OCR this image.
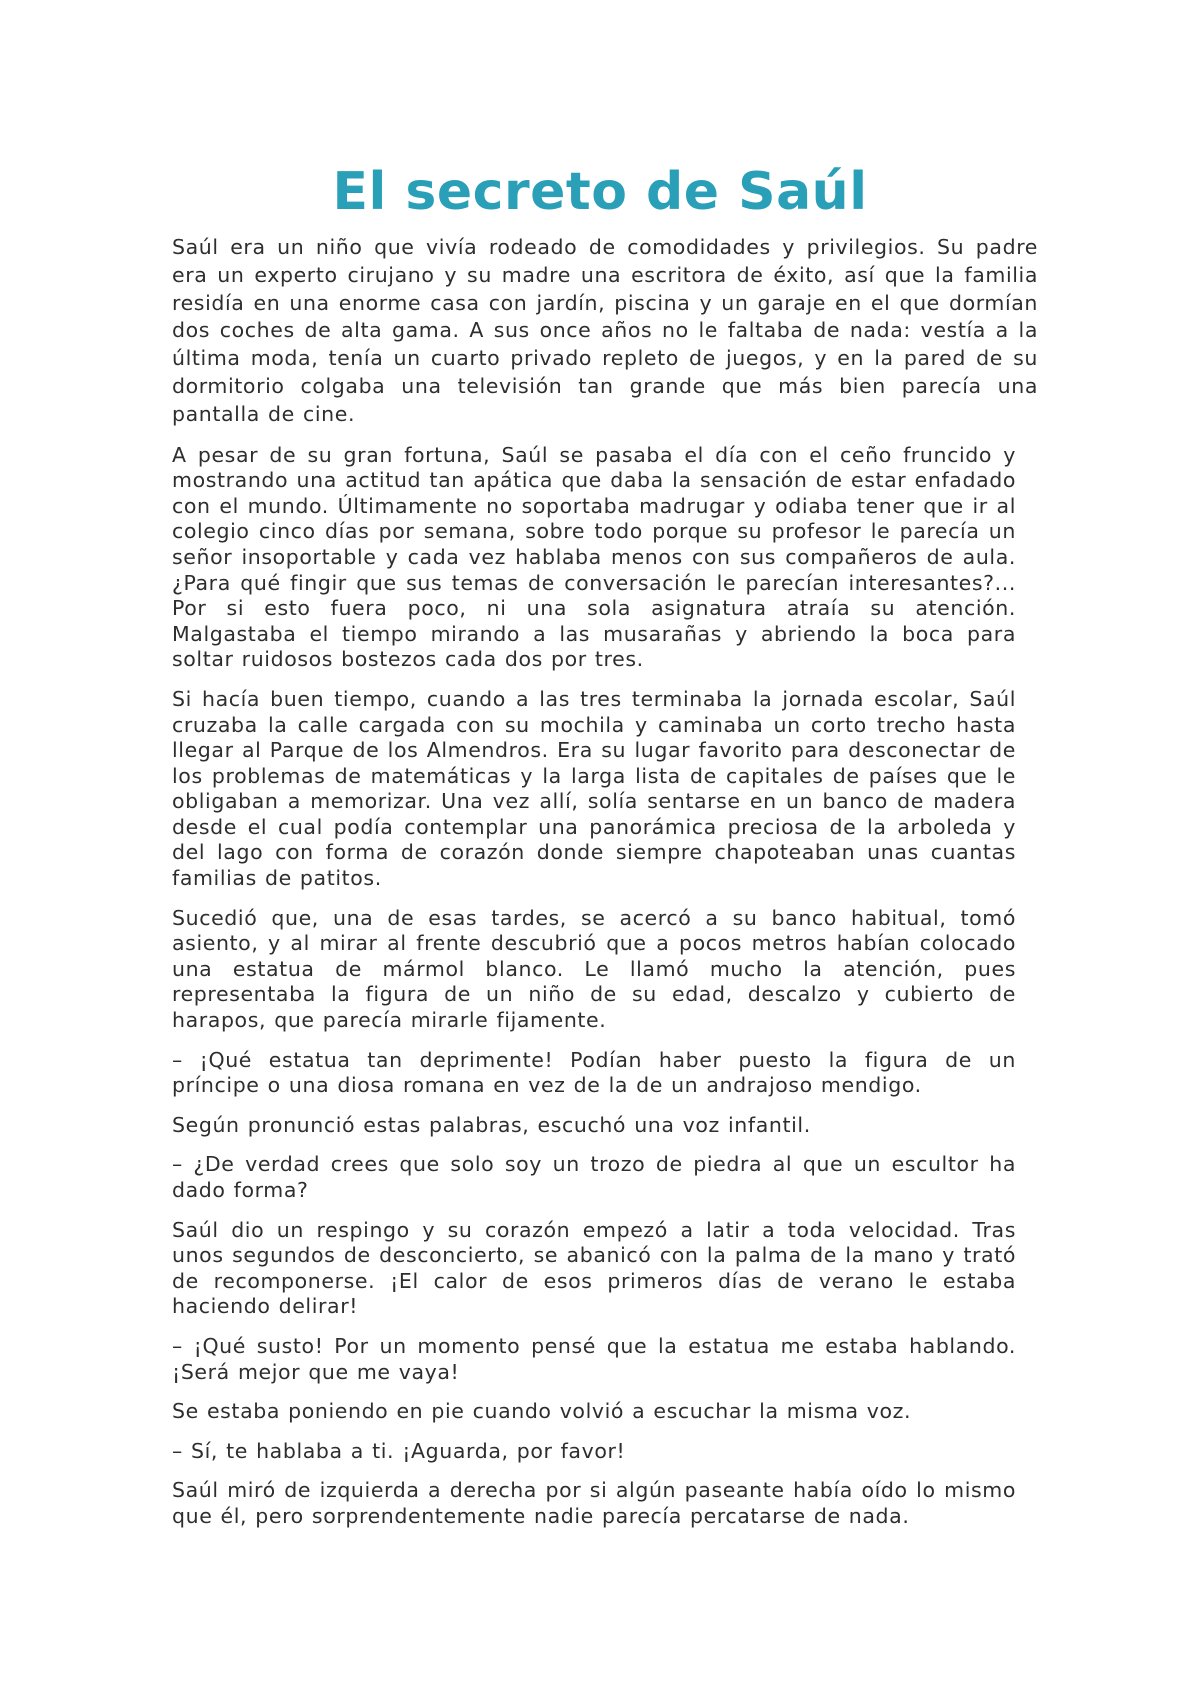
El secreto de Saúl

Saúl era un niño que vivía rodeado de comodidades y privilegios. Su padre era un experto cirujano y su madre una escritora de éxito, así que la familia residía en una enorme casa con jardín, piscina y un garaje en el que dormían dos coches de alta gama. A sus once años no le faltaba de nada: vestía a la última moda, tenía un cuarto privado repleto de juegos, y en la pared de su dormitorio colgaba una televisión tan grande que más bien parecía una pantalla de cine.

A pesar de su gran fortuna, Saúl se pasaba el día con el ceño fruncido y mostrando una actitud tan apática que daba la sensación de estar enfadado con el mundo. Últimamente no soportaba madrugar y odiaba tener que ir al colegio cinco días por semana, sobre todo porque su profesor le parecía un señor insoportable y cada vez hablaba menos con sus compañeros de aula. ¿Para qué fingir que sus temas de conversación le parecían interesantes?... Por si esto fuera poco, ni una sola asignatura atraía su atención. Malgastaba el tiempo mirando a las musarañas y abriendo la boca para soltar ruidosos bostezos cada dos por tres.

Si hacía buen tiempo, cuando a las tres terminaba la jornada escolar, Saúl cruzaba la calle cargada con su mochila y caminaba un corto trecho hasta llegar al Parque de los Almendros. Era su lugar favorito para desconectar de los problemas de matemáticas y la larga lista de capitales de países que le obligaban a memorizar. Una vez allí, solía sentarse en un banco de madera desde el cual podía contemplar una panorámica preciosa de la arboleda y del lago con forma de corazón donde siempre chapoteaban unas cuantas familias de patitos.

Sucedió que, una de esas tardes, se acercó a su banco habitual, tomó asiento, y al mirar al frente descubrió que a pocos metros habían colocado una estatua de mármol blanco. Le llamó mucho la atención, pues representaba la figura de un niño de su edad, descalzo y cubierto de harapos, que parecía mirarle fijamente.

– ¡Qué estatua tan deprimente! Podían haber puesto la figura de un príncipe o una diosa romana en vez de la de un andrajoso mendigo.

Según pronunció estas palabras, escuchó una voz infantil.

– ¿De verdad crees que solo soy un trozo de piedra al que un escultor ha dado forma?

Saúl dio un respingo y su corazón empezó a latir a toda velocidad. Tras unos segundos de desconcierto, se abanicó con la palma de la mano y trató de recomponerse. ¡El calor de esos primeros días de verano le estaba haciendo delirar!

– ¡Qué susto! Por un momento pensé que la estatua me estaba hablando. ¡Será mejor que me vaya!

Se estaba poniendo en pie cuando volvió a escuchar la misma voz.

– Sí, te hablaba a ti. ¡Aguarda, por favor!

Saúl miró de izquierda a derecha por si algún paseante había oído lo mismo que él, pero sorprendentemente nadie parecía percatarse de nada.
